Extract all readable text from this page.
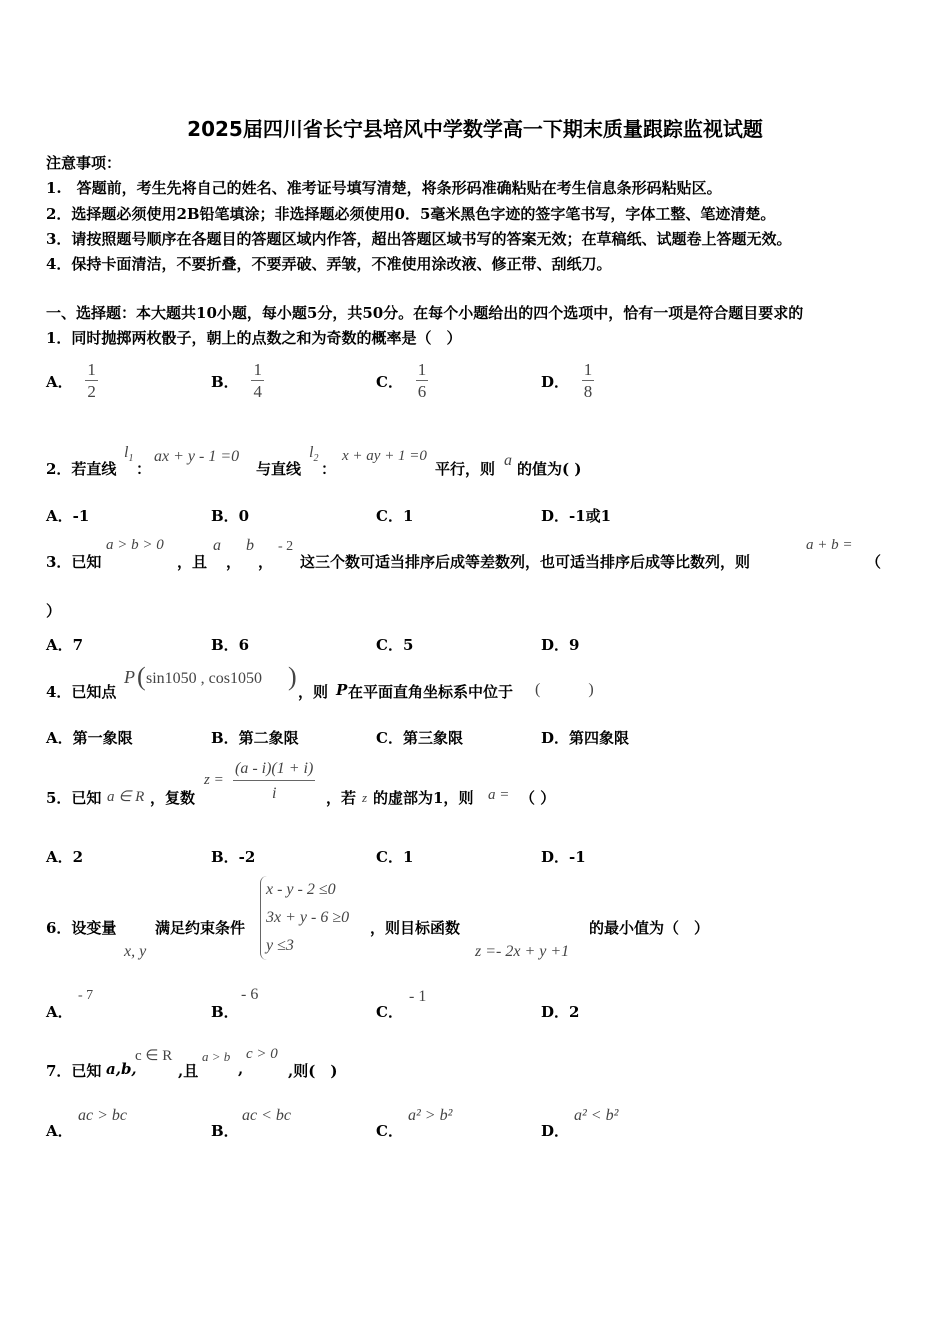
2025届四川省长宁县培风中学数学高一下期末质量跟踪监视试题
注意事项：
1.　答题前，考生先将自己的姓名、准考证号填写清楚，将条形码准确粘贴在考生信息条形码粘贴区。
2．选择题必须使用2B铅笔填涂；非选择题必须使用0．5毫米黑色字迹的签字笔书写，字体工整、笔迹清楚。
3．请按照题号顺序在各题目的答题区域内作答，超出答题区域书写的答案无效；在草稿纸、试题卷上答题无效。
4．保持卡面清洁，不要折叠，不要弄破、弄皱，不准使用涂改液、修正带、刮纸刀。
一、选择题：本大题共10小题，每小题5分，共50分。在每个小题给出的四个选项中，恰有一项是符合题目要求的
1．同时抛掷两枚骰子，朝上的点数之和为奇数的概率是（　）
A． $\frac{1}{2}$	B． $\frac{1}{4}$	C． $\frac{1}{6}$	D． $\frac{1}{8}$
2．若直线
$l_1$
：
ax + y - 1 =0
与直线
$l_2$
：
x + ay + 1 =0
平行，则 a 的值为( )
A．-1	B．0	C．1	D．-1或1
3．已知
a > b > 0
，且
a
，
b
，
- 2
这三个数可适当排序后成等差数列，也可适当排序后成等比数列，则
a + b =
（
）
A．7	B．6	C．5	D．9
4．已知点
P ( sin1050 , cos1050 )
，则 P 在平面直角坐标系中位于 (　　　)
A．第一象限	B．第二象限	C．第三象限	D．第四象限
5．已知 a ∈ R ，复数
$z = \frac{(a - i)(1 + i)}{i}$ ，若 z 的虚部为1，则 a = （ ）
A．2	B．-2	C．1	D．-1
6．设变量
x, y
满足约束条件
x - y - 2 ≤0
3x + y - 6 ≥0
y ≤3
，则目标函数
z =- 2x + y +1
的最小值为（　）
A．
- 7
B．
- 6
C．
- 1
D．2
7．已知 a,b,
c ∈ R
,且
a > b
,
c > 0
,则(　)
A．
ac > bc
B．
ac < bc
C．
a² > b²
D．
a² < b²
